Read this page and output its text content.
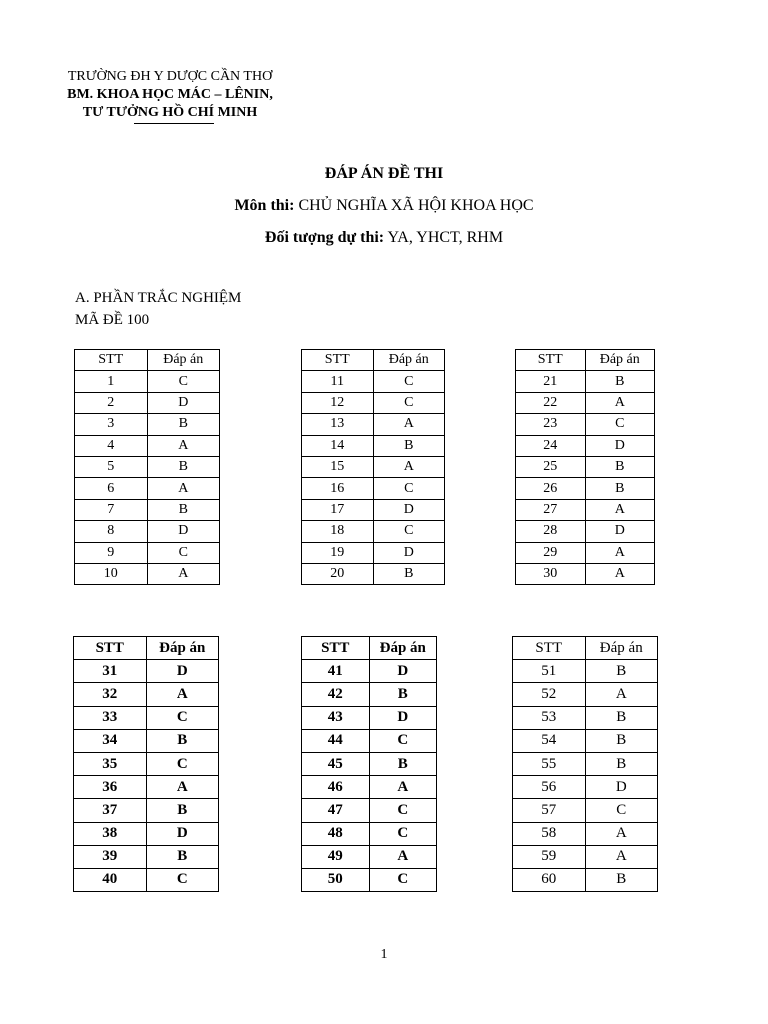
TRƯỜNG ĐH Y DƯỢC CẦN THƠ
BM. KHOA HỌC MÁC – LÊNIN,
TƯ TƯỞNG HỒ CHÍ MINH
ĐÁP ÁN ĐỀ THI
Môn thi: CHỦ NGHĨA XÃ HỘI KHOA HỌC
Đối tượng dự thi: YA, YHCT, RHM
A. PHẦN TRẮC NGHIỆM
MÃ ĐỀ 100
STT	Đáp án
1	C
2	D
3	B
4	A
5	B
6	A
7	B
8	D
9	C
10	A
STT	Đáp án
11	C
12	C
13	A
14	B
15	A
16	C
17	D
18	C
19	D
20	B
STT	Đáp án
21	B
22	A
23	C
24	D
25	B
26	B
27	A
28	D
29	A
30	A
STT	Đáp án
31	D
32	A
33	C
34	B
35	C
36	A
37	B
38	D
39	B
40	C
STT	Đáp án
41	D
42	B
43	D
44	C
45	B
46	A
47	C
48	C
49	A
50	C
STT	Đáp án
51	B
52	A
53	B
54	B
55	B
56	D
57	C
58	A
59	A
60	B
1
